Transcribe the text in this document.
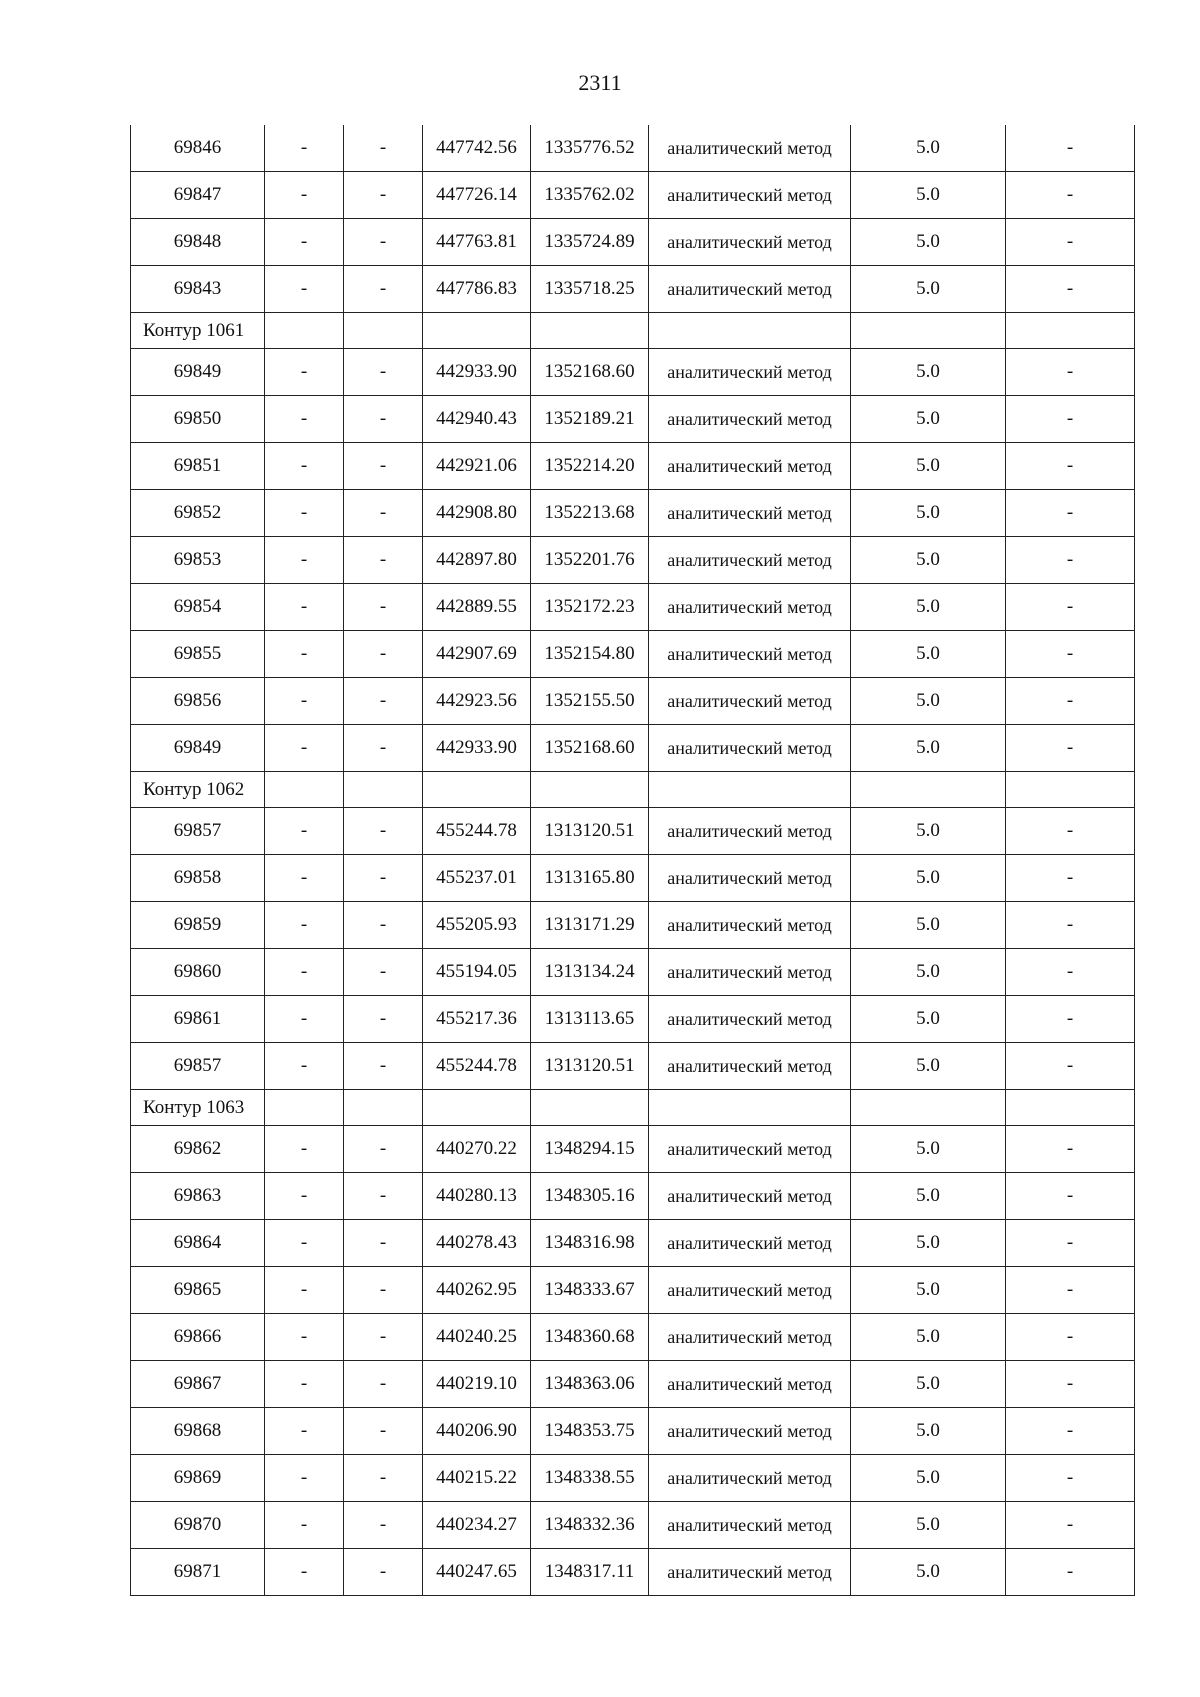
2311
69846	-	-	447742.56	1335776.52	аналитический метод	5.0	-
69847	-	-	447726.14	1335762.02	аналитический метод	5.0	-
69848	-	-	447763.81	1335724.89	аналитический метод	5.0	-
69843	-	-	447786.83	1335718.25	аналитический метод	5.0	-
Контур 1061							
69849	-	-	442933.90	1352168.60	аналитический метод	5.0	-
69850	-	-	442940.43	1352189.21	аналитический метод	5.0	-
69851	-	-	442921.06	1352214.20	аналитический метод	5.0	-
69852	-	-	442908.80	1352213.68	аналитический метод	5.0	-
69853	-	-	442897.80	1352201.76	аналитический метод	5.0	-
69854	-	-	442889.55	1352172.23	аналитический метод	5.0	-
69855	-	-	442907.69	1352154.80	аналитический метод	5.0	-
69856	-	-	442923.56	1352155.50	аналитический метод	5.0	-
69849	-	-	442933.90	1352168.60	аналитический метод	5.0	-
Контур 1062							
69857	-	-	455244.78	1313120.51	аналитический метод	5.0	-
69858	-	-	455237.01	1313165.80	аналитический метод	5.0	-
69859	-	-	455205.93	1313171.29	аналитический метод	5.0	-
69860	-	-	455194.05	1313134.24	аналитический метод	5.0	-
69861	-	-	455217.36	1313113.65	аналитический метод	5.0	-
69857	-	-	455244.78	1313120.51	аналитический метод	5.0	-
Контур 1063							
69862	-	-	440270.22	1348294.15	аналитический метод	5.0	-
69863	-	-	440280.13	1348305.16	аналитический метод	5.0	-
69864	-	-	440278.43	1348316.98	аналитический метод	5.0	-
69865	-	-	440262.95	1348333.67	аналитический метод	5.0	-
69866	-	-	440240.25	1348360.68	аналитический метод	5.0	-
69867	-	-	440219.10	1348363.06	аналитический метод	5.0	-
69868	-	-	440206.90	1348353.75	аналитический метод	5.0	-
69869	-	-	440215.22	1348338.55	аналитический метод	5.0	-
69870	-	-	440234.27	1348332.36	аналитический метод	5.0	-
69871	-	-	440247.65	1348317.11	аналитический метод	5.0	-
